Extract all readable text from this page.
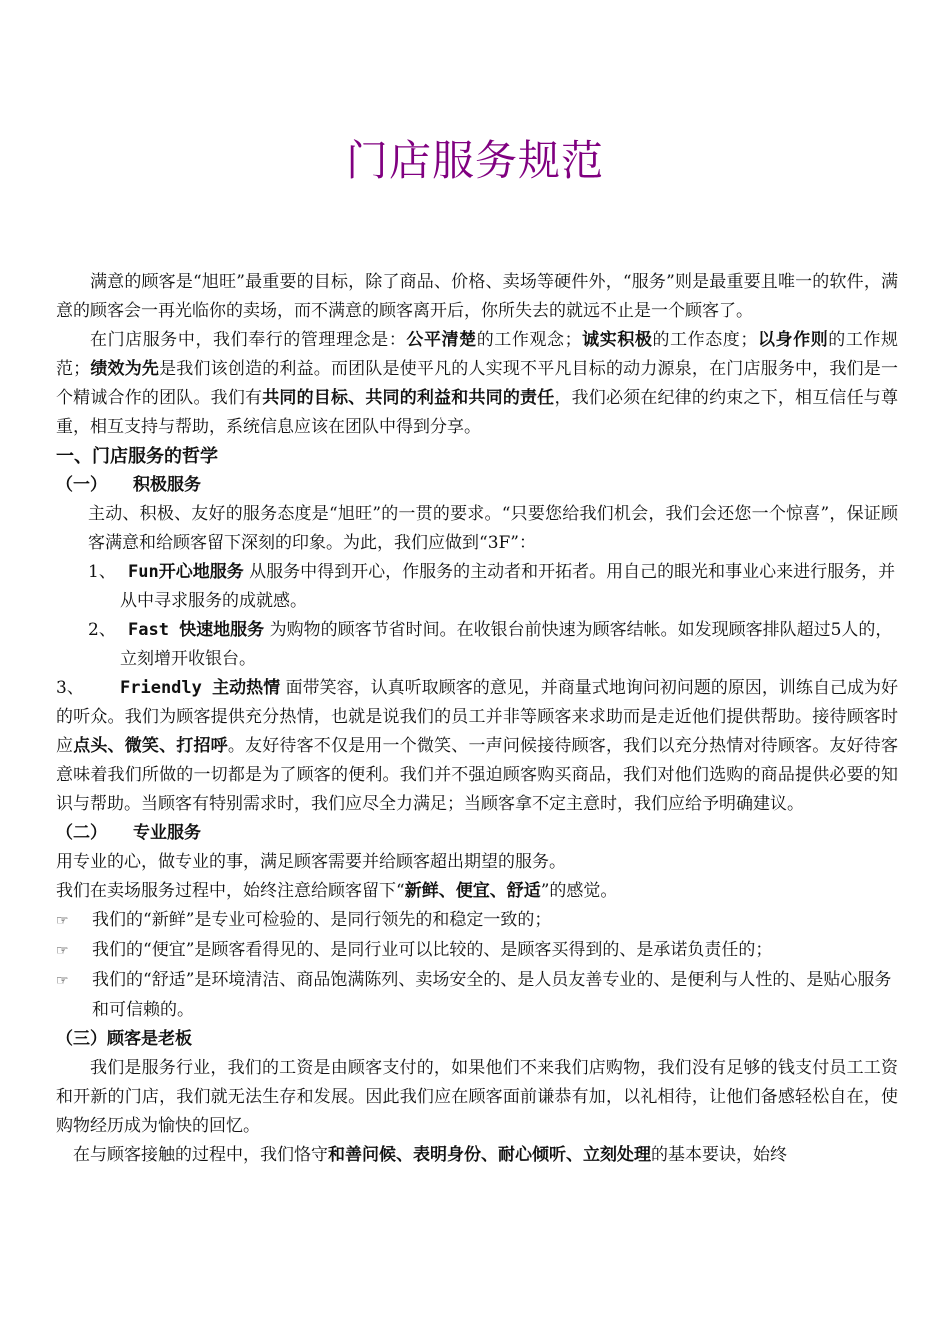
门店服务规范

满意的顾客是“旭旺”最重要的目标，除了商品、价格、卖场等硬件外，“服务”则是最重要且唯一的软件，满意的顾客会一再光临你的卖场，而不满意的顾客离开后，你所失去的就远不止是一个顾客了。

在门店服务中，我们奉行的管理理念是：公平清楚的工作观念；诚实积极的工作态度；以身作则的工作规范；绩效为先是我们该创造的利益。而团队是使平凡的人实现不平凡目标的动力源泉，在门店服务中，我们是一个精诚合作的团队。我们有共同的目标、共同的利益和共同的责任，我们必须在纪律的约束之下，相互信任与尊重，相互支持与帮助，系统信息应该在团队中得到分享。

一、门店服务的哲学

（一） 积极服务

主动、积极、友好的服务态度是“旭旺”的一贯的要求。“只要您给我们机会，我们会还您一个惊喜”，保证顾客满意和给顾客留下深刻的印象。为此，我们应做到“3F”：

1、 Fun开心地服务 从服务中得到开心，作服务的主动者和开拓者。用自己的眼光和事业心来进行服务，并从中寻求服务的成就感。

2、 Fast 快速地服务 为购物的顾客节省时间。在收银台前快速为顾客结帐。如发现顾客排队超过5人的，立刻增开收银台。

3、 Friendly 主动热情 面带笑容，认真听取顾客的意见，并商量式地询问初问题的原因，训练自己成为好的听众。我们为顾客提供充分热情，也就是说我们的员工并非等顾客来求助而是走近他们提供帮助。接待顾客时应点头、微笑、打招呼。友好待客不仅是用一个微笑、一声问候接待顾客，我们以充分热情对待顾客。友好待客意味着我们所做的一切都是为了顾客的便利。我们并不强迫顾客购买商品，我们对他们选购的商品提供必要的知识与帮助。当顾客有特别需求时，我们应尽全力满足；当顾客拿不定主意时，我们应给予明确建议。

（二） 专业服务

用专业的心，做专业的事，满足顾客需要并给顾客超出期望的服务。

我们在卖场服务过程中，始终注意给顾客留下“新鲜、便宜、舒适”的感觉。

☞ 我们的“新鲜”是专业可检验的、是同行领先的和稳定一致的；

☞ 我们的“便宜”是顾客看得见的、是同行业可以比较的、是顾客买得到的、是承诺负责任的；

☞ 我们的“舒适”是环境清洁、商品饱满陈列、卖场安全的、是人员友善专业的、是便利与人性的、是贴心服务和可信赖的。

（三）顾客是老板

我们是服务行业，我们的工资是由顾客支付的，如果他们不来我们店购物，我们没有足够的钱支付员工工资和开新的门店，我们就无法生存和发展。因此我们应在顾客面前谦恭有加，以礼相待，让他们备感轻松自在，使购物经历成为愉快的回忆。

在与顾客接触的过程中，我们恪守和善问候、表明身份、耐心倾听、立刻处理的基本要诀，始终
